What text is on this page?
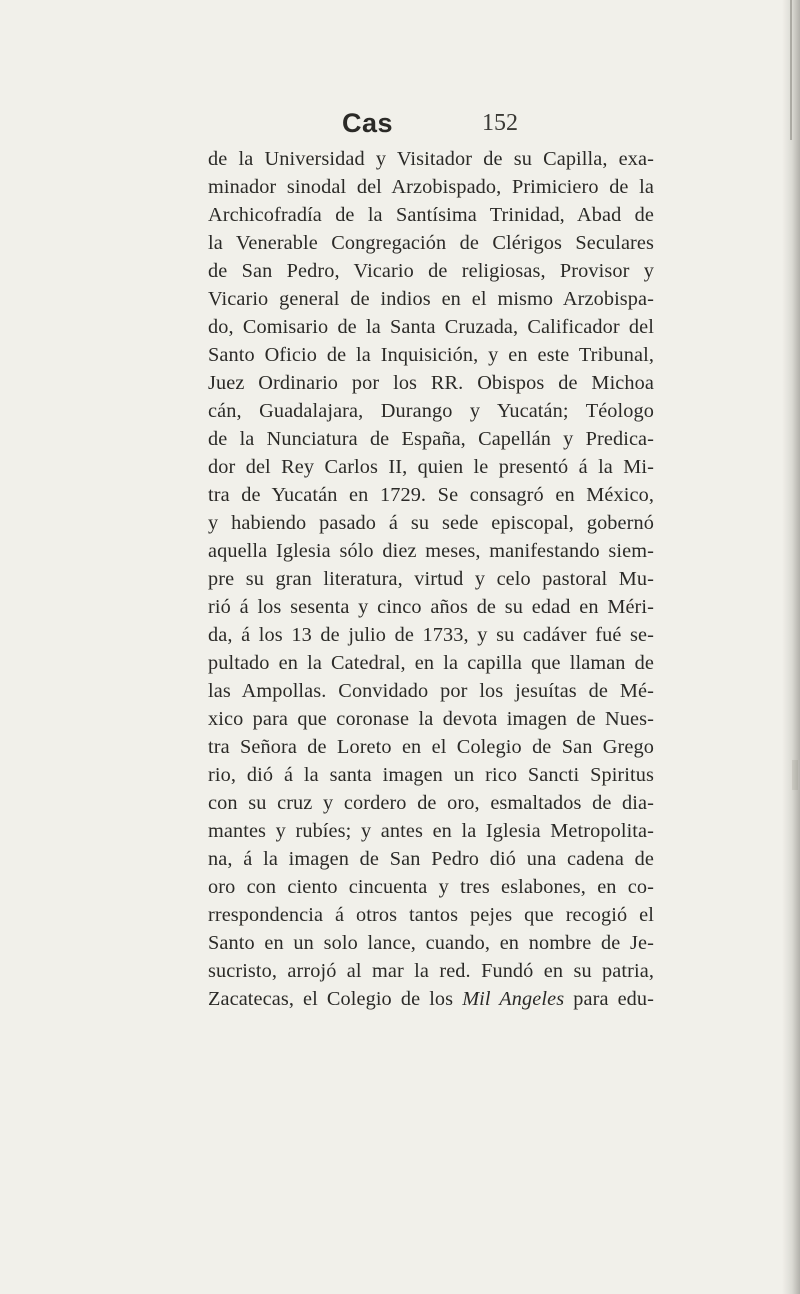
Cas	152
de la Universidad y Visitador de su Capilla, exa-
minador sinodal del Arzobispado, Primiciero de la
Archicofradía de la Santísima Trinidad, Abad de
la Venerable Congregación de Clérigos Seculares
de San Pedro, Vicario de religiosas, Provisor y
Vicario general de indios en el mismo Arzobispa-
do, Comisario de la Santa Cruzada, Calificador del
Santo Oficio de la Inquisición, y en este Tribunal,
Juez Ordinario por los RR. Obispos de Michoa
cán, Guadalajara, Durango y Yucatán; Téologo
de la Nunciatura de España, Capellán y Predica-
dor del Rey Carlos II, quien le presentó á la Mi-
tra de Yucatán en 1729. Se consagró en México,
y habiendo pasado á su sede episcopal, gobernó
aquella Iglesia sólo diez meses, manifestando siem-
pre su gran literatura, virtud y celo pastoral Mu-
rió á los sesenta y cinco años de su edad en Méri-
da, á los 13 de julio de 1733, y su cadáver fué se-
pultado en la Catedral, en la capilla que llaman de
las Ampollas. Convidado por los jesuítas de Mé-
xico para que coronase la devota imagen de Nues-
tra Señora de Loreto en el Colegio de San Grego
rio, dió á la santa imagen un rico Sancti Spiritus
con su cruz y cordero de oro, esmaltados de dia-
mantes y rubíes; y antes en la Iglesia Metropolita-
na, á la imagen de San Pedro dió una cadena de
oro con ciento cincuenta y tres eslabones, en co-
rrespondencia á otros tantos pejes que recogió el
Santo en un solo lance, cuando, en nombre de Je-
sucristo, arrojó al mar la red. Fundó en su patria,
Zacatecas, el Colegio de los Mil Angeles para edu-
